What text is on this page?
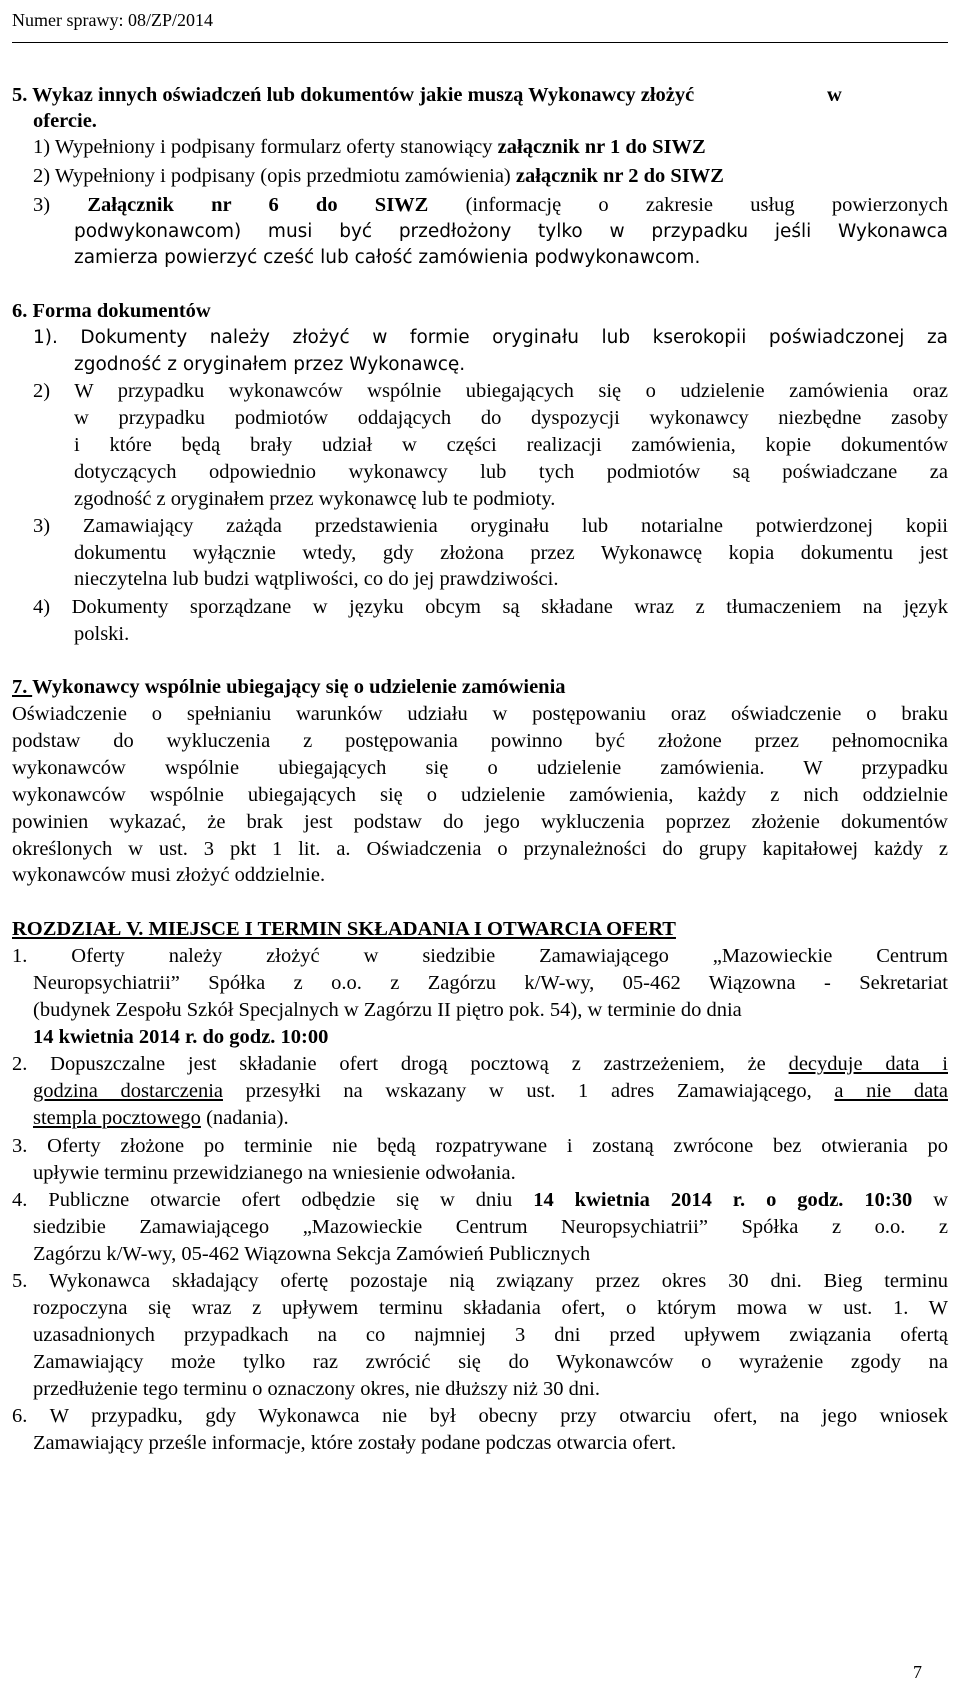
Numer sprawy: 08/ZP/2014
5. Wykaz innych oświadczeń lub dokumentów jakie muszą Wykonawcy złożyć	w
ofercie.
1) Wypełniony i podpisany formularz oferty stanowiący załącznik nr 1 do SIWZ
2) Wypełniony i podpisany (opis przedmiotu zamówienia) załącznik nr 2 do SIWZ
3) Załącznik nr 6 do SIWZ (informację o zakresie usług powierzonych
podwykonawcom) musi być przedłożony tylko w przypadku jeśli Wykonawca
zamierza powierzyć cześć lub całość zamówienia podwykonawcom.
6. Forma dokumentów
1). Dokumenty należy złożyć w formie oryginału lub kserokopii poświadczonej za
zgodność z oryginałem przez Wykonawcę.
2) W przypadku wykonawców wspólnie ubiegających się o udzielenie zamówienia oraz
w przypadku podmiotów oddających do dyspozycji wykonawcy niezbędne zasoby
i które będą brały udział w części realizacji zamówienia, kopie dokumentów
dotyczących odpowiednio wykonawcy lub tych podmiotów są poświadczane za
zgodność z oryginałem przez wykonawcę lub te podmioty.
3) Zamawiający zażąda przedstawienia oryginału lub notarialne potwierdzonej kopii
dokumentu wyłącznie wtedy, gdy złożona przez Wykonawcę kopia dokumentu jest
nieczytelna lub budzi wątpliwości, co do jej prawdziwości.
4) Dokumenty sporządzane w języku obcym są składane wraz z tłumaczeniem na język
polski.
7. Wykonawcy wspólnie ubiegający się o udzielenie zamówienia
Oświadczenie o spełnianiu warunków udziału w postępowaniu oraz oświadczenie o braku
podstaw do wykluczenia z postępowania powinno być złożone przez pełnomocnika
wykonawców wspólnie ubiegających się o udzielenie zamówienia. W przypadku
wykonawców wspólnie ubiegających się o udzielenie zamówienia, każdy z nich oddzielnie
powinien wykazać, że brak jest podstaw do jego wykluczenia poprzez złożenie dokumentów
określonych w ust. 3 pkt 1 lit. a. Oświadczenia o przynależności do grupy kapitałowej każdy z
wykonawców musi złożyć oddzielnie.
ROZDZIAŁ V. MIEJSCE I TERMIN SKŁADANIA I OTWARCIA OFERT
1. Oferty należy złożyć w siedzibie Zamawiającego „Mazowieckie Centrum
Neuropsychiatrii” Spółka z o.o. z Zagórzu k/W-wy, 05-462 Wiązowna - Sekretariat
(budynek Zespołu Szkół Specjalnych w Zagórzu II piętro pok. 54), w terminie do dnia
14 kwietnia 2014 r. do godz. 10:00
2. Dopuszczalne jest składanie ofert drogą pocztową z zastrzeżeniem, że decyduje data i
godzina dostarczenia przesyłki na wskazany w ust. 1 adres Zamawiającego, a nie data
stempla pocztowego (nadania).
3. Oferty złożone po terminie nie będą rozpatrywane i zostaną zwrócone bez otwierania po
upływie terminu przewidzianego na wniesienie odwołania.
4. Publiczne otwarcie ofert odbędzie się w dniu 14 kwietnia 2014 r. o godz. 10:30 w
siedzibie Zamawiającego „Mazowieckie Centrum Neuropsychiatrii” Spółka z o.o. z
Zagórzu k/W-wy, 05-462 Wiązowna Sekcja Zamówień Publicznych
5. Wykonawca składający ofertę pozostaje nią związany przez okres 30 dni. Bieg terminu
rozpoczyna się wraz z upływem terminu składania ofert, o którym mowa w ust. 1. W
uzasadnionych przypadkach na co najmniej 3 dni przed upływem związania ofertą
Zamawiający może tylko raz zwrócić się do Wykonawców o wyrażenie zgody na
przedłużenie tego terminu o oznaczony okres, nie dłuższy niż 30 dni.
6. W przypadku, gdy Wykonawca nie był obecny przy otwarciu ofert, na jego wniosek
Zamawiający prześle informacje, które zostały podane podczas otwarcia ofert.
7
